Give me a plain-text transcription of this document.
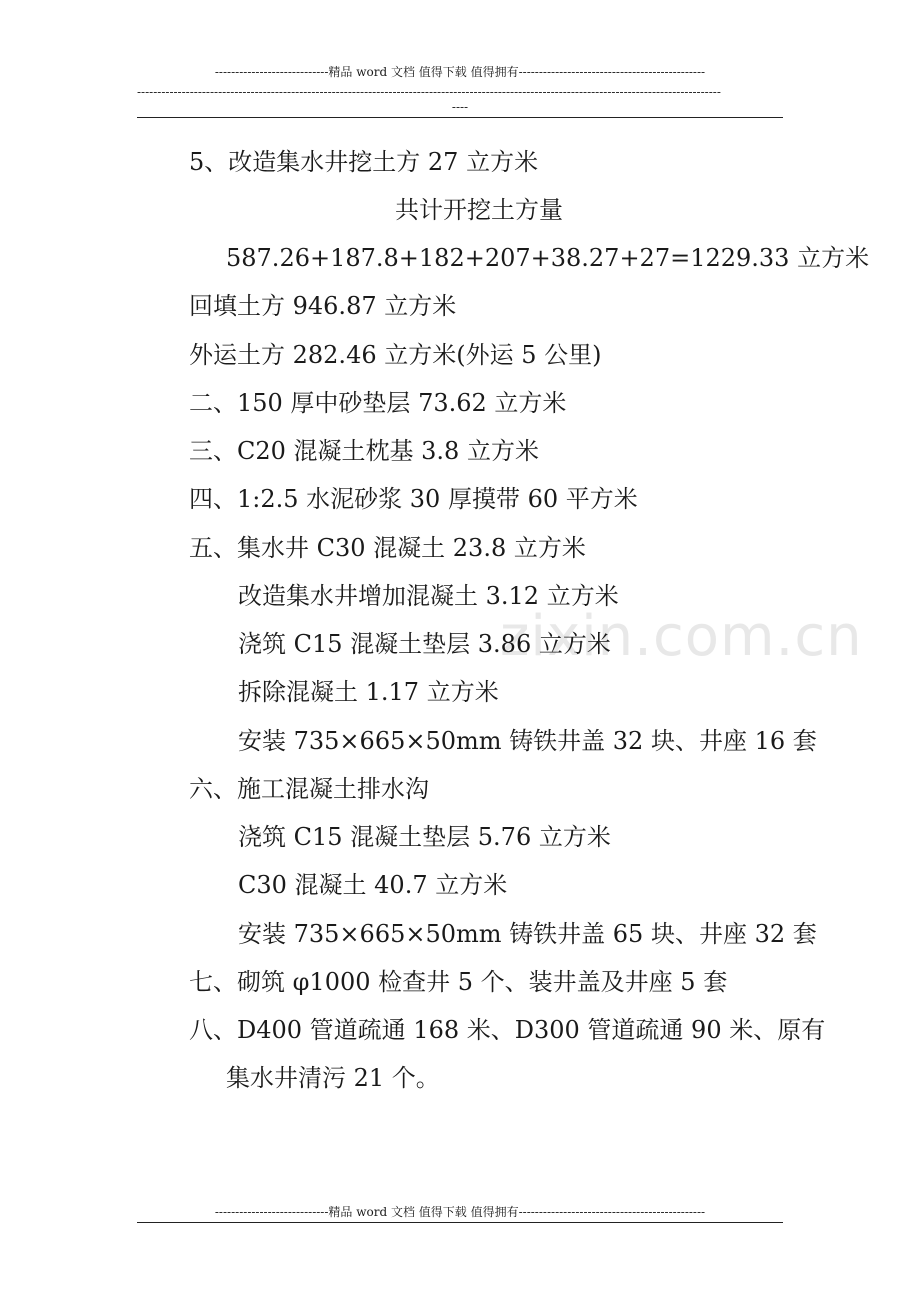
----------------------------精品 word 文档 值得下载 值得拥有----------------------------------------------
------------------------------------------------------------------------------------------------------------------------------------------------
----
zixin.com.cn
5、改造集水井挖土方 27 立方米
共计开挖土方量
587.26+187.8+182+207+38.27+27=1229.33 立方米
回填土方 946.87 立方米
外运土方 282.46 立方米(外运 5 公里)
二、150 厚中砂垫层 73.62 立方米
三、C20 混凝土枕基 3.8 立方米
四、1:2.5 水泥砂浆 30 厚摸带 60 平方米
五、集水井 C30 混凝土 23.8 立方米
改造集水井增加混凝土 3.12 立方米
浇筑 C15 混凝土垫层 3.86 立方米
拆除混凝土 1.17 立方米
安装 735×665×50mm 铸铁井盖 32 块、井座 16 套
六、施工混凝土排水沟
浇筑 C15 混凝土垫层 5.76 立方米
C30 混凝土 40.7 立方米
安装 735×665×50mm 铸铁井盖 65 块、井座 32 套
七、砌筑 φ1000 检查井 5 个、装井盖及井座 5 套
八、D400 管道疏通 168 米、D300 管道疏通 90 米、原有
集水井清污 21 个。
----------------------------精品 word 文档 值得下载 值得拥有----------------------------------------------
